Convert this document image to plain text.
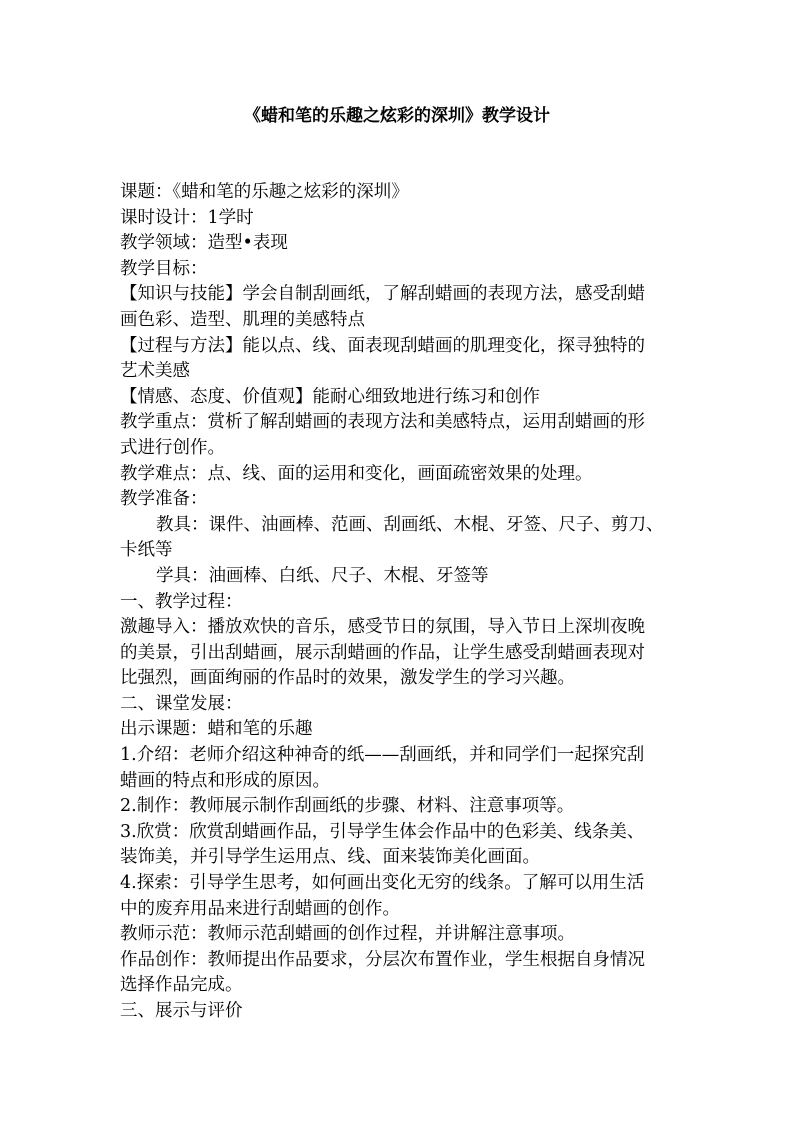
《蜡和笔的乐趣之炫彩的深圳》教学设计
课题：《蜡和笔的乐趣之炫彩的深圳》
课时设计：1学时
教学领域：造型•表现
教学目标：
【知识与技能】学会自制刮画纸，了解刮蜡画的表现方法，感受刮蜡
画色彩、造型、肌理的美感特点
【过程与方法】能以点、线、面表现刮蜡画的肌理变化，探寻独特的
艺术美感
【情感、态度、价值观】能耐心细致地进行练习和创作
教学重点：赏析了解刮蜡画的表现方法和美感特点，运用刮蜡画的形
式进行创作。
教学难点：点、线、面的运用和变化，画面疏密效果的处理。
教学准备：
教具：课件、油画棒、范画、刮画纸、木棍、牙签、尺子、剪刀、
卡纸等
学具：油画棒、白纸、尺子、木棍、牙签等
一、教学过程：
激趣导入：播放欢快的音乐，感受节日的氛围，导入节日上深圳夜晚
的美景，引出刮蜡画，展示刮蜡画的作品，让学生感受刮蜡画表现对
比强烈，画面绚丽的作品时的效果，激发学生的学习兴趣。
二、课堂发展：
出示课题：蜡和笔的乐趣
1.介绍：老师介绍这种神奇的纸——刮画纸，并和同学们一起探究刮
蜡画的特点和形成的原因。
2.制作：教师展示制作刮画纸的步骤、材料、注意事项等。
3.欣赏：欣赏刮蜡画作品，引导学生体会作品中的色彩美、线条美、
装饰美，并引导学生运用点、线、面来装饰美化画面。
4.探索：引导学生思考，如何画出变化无穷的线条。了解可以用生活
中的废弃用品来进行刮蜡画的创作。
教师示范：教师示范刮蜡画的创作过程，并讲解注意事项。
作品创作：教师提出作品要求，分层次布置作业，学生根据自身情况
选择作品完成。
三、展示与评价
